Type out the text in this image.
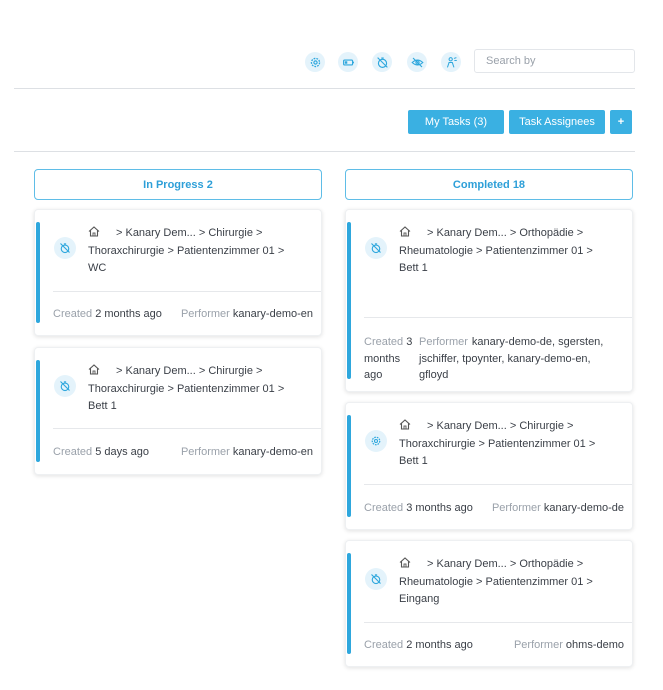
Search by
My Tasks (3)	Task Assignees	+
In Progress 2	Completed 18
> Kanary Dem... > Chirurgie >
Thoraxchirurgie > Patientenzimmer 01 >
WC
Created 2 months ago Performer kanary-demo-en
> Kanary Dem... > Chirurgie >
Thoraxchirurgie > Patientenzimmer 01 >
Bett 1
Created 5 days ago	Performer kanary-demo-en
> Kanary Dem... > Orthopädie >
Rheumatologie > Patientenzimmer 01 >
Bett 1
Created 3
months
ago
Performer kanary-demo-de, sgersten,
jschiffer, tpoynter, kanary-demo-en,
gfloyd
> Kanary Dem... > Chirurgie >
Thoraxchirurgie > Patientenzimmer 01 >
Bett 1
Created 3 months ago Performer kanary-demo-de
> Kanary Dem... > Orthopädie >
Rheumatologie > Patientenzimmer 01 >
Eingang
Created 2 months ago	Performer ohms-demo
